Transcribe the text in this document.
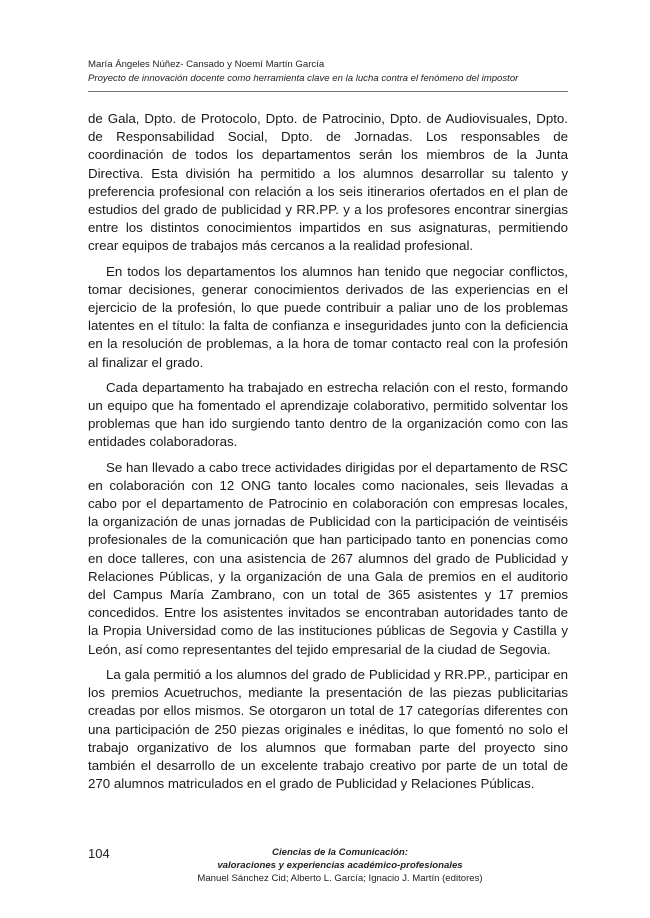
María Ángeles Núñez- Cansado y Noemí Martín García
Proyecto de innovación docente como herramienta clave en la lucha contra el fenómeno del impostor

de Gala, Dpto. de Protocolo, Dpto. de Patrocinio, Dpto. de Audiovisuales, Dpto. de Responsabilidad Social, Dpto. de Jornadas. Los responsables de coordinación de todos los departamentos serán los miembros de la Junta Directiva. Esta división ha permitido a los alumnos desarrollar su talento y preferencia profesional con relación a los seis itinerarios ofertados en el plan de estudios del grado de publicidad y RR.PP. y a los profesores encontrar sinergias entre los distintos conocimientos impartidos en sus asignaturas, permitiendo crear equipos de trabajos más cercanos a la realidad profesional.

En todos los departamentos los alumnos han tenido que negociar conflictos, tomar decisiones, generar conocimientos derivados de las experiencias en el ejercicio de la profesión, lo que puede contribuir a paliar uno de los problemas latentes en el título: la falta de confianza e inseguridades junto con la deficiencia en la resolución de problemas, a la hora de tomar contacto real con la profesión al finalizar el grado.

Cada departamento ha trabajado en estrecha relación con el resto, formando un equipo que ha fomentado el aprendizaje colaborativo, permitido solventar los problemas que han ido surgiendo tanto dentro de la organización como con las entidades colaboradoras.

Se han llevado a cabo trece actividades dirigidas por el departamento de RSC en colaboración con 12 ONG tanto locales como nacionales, seis llevadas a cabo por el departamento de Patrocinio en colaboración con empresas locales, la organización de unas jornadas de Publicidad con la participación de veintiséis profesionales de la comunicación que han participado tanto en ponencias como en doce talleres, con una asistencia de 267 alumnos del grado de Publicidad y Relaciones Públicas, y la organización de una Gala de premios en el auditorio del Campus María Zambrano, con un total de 365 asistentes y 17 premios concedidos. Entre los asistentes invitados se encontraban autoridades tanto de la Propia Universidad como de las instituciones públicas de Segovia y Castilla y León, así como representantes del tejido empresarial de la ciudad de Segovia.

La gala permitió a los alumnos del grado de Publicidad y RR.PP., participar en los premios Acuetruchos, mediante la presentación de las piezas publicitarias creadas por ellos mismos. Se otorgaron un total de 17 categorías diferentes con una participación de 250 piezas originales e inéditas, lo que fomentó no solo el trabajo organizativo de los alumnos que formaban parte del proyecto sino también el desarrollo de un excelente trabajo creativo por parte de un total de 270 alumnos matriculados en el grado de Publicidad y Relaciones Públicas.

104	Ciencias de la Comunicación:
valoraciones y experiencias académico-profesionales
Manuel Sánchez Cid; Alberto L. García; Ignacio J. Martín (editores)
